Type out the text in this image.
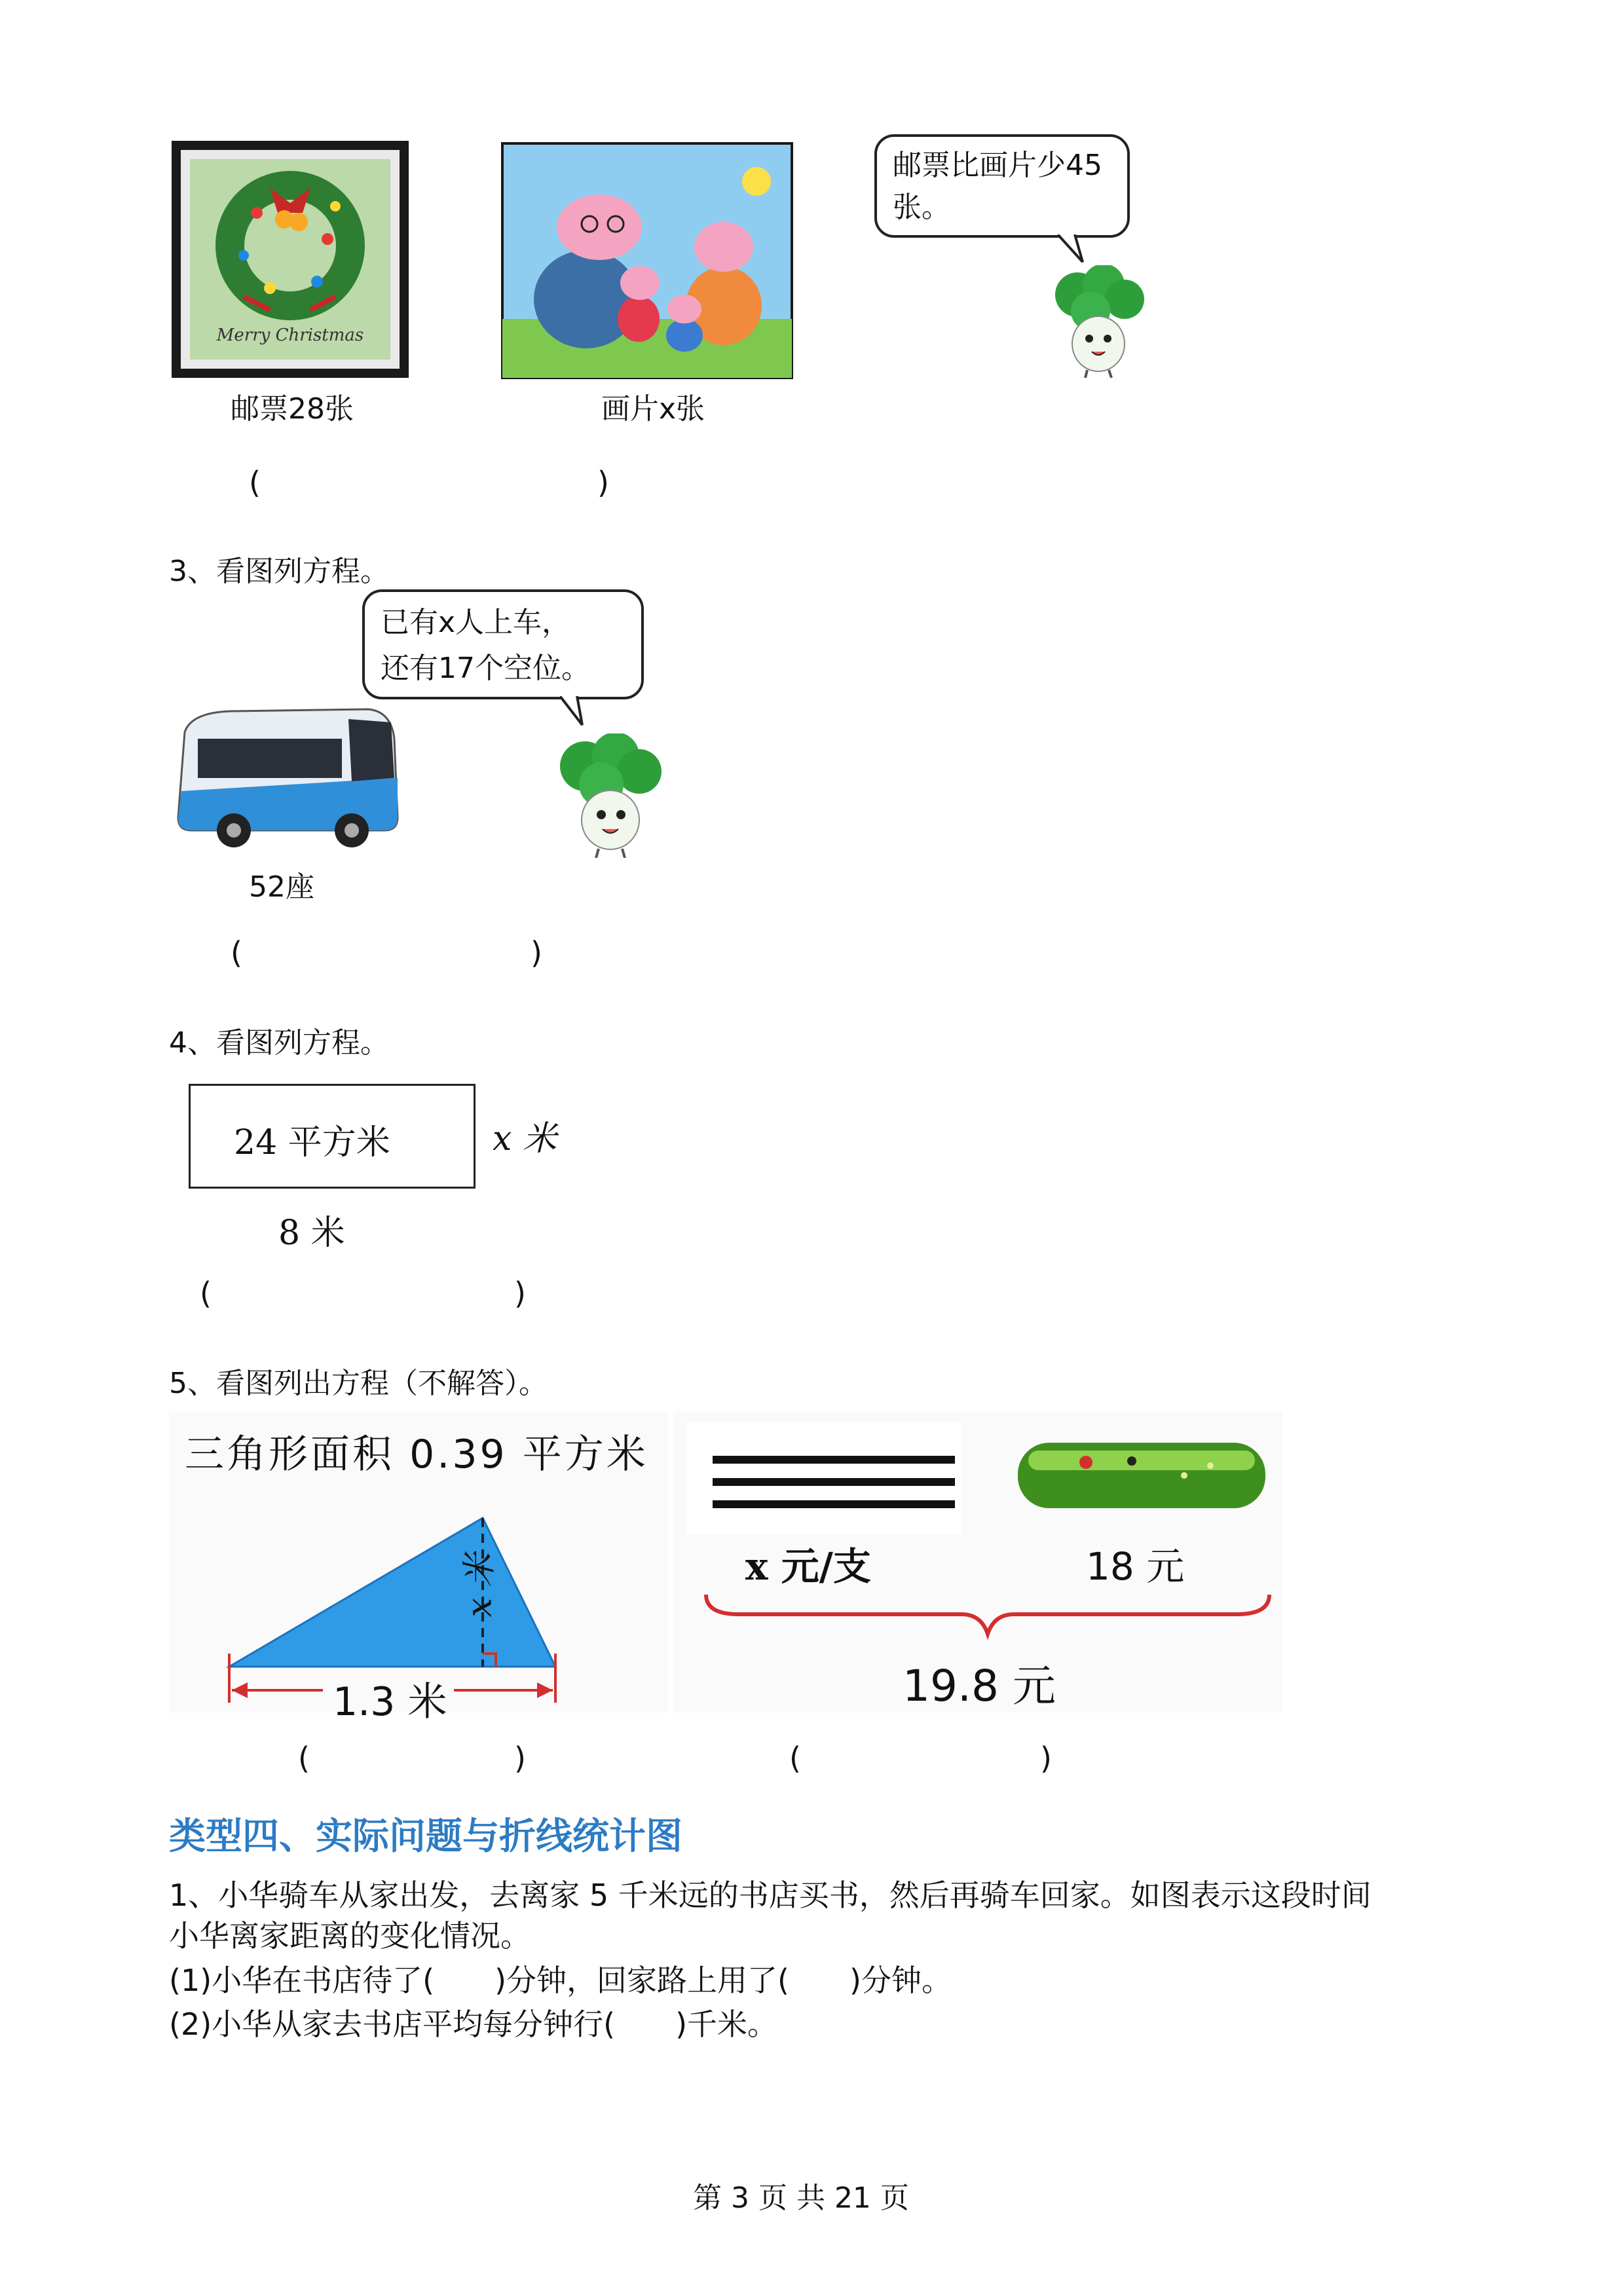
Merry Christmas
邮票28张	画片x张
邮票比画片少45
张。
(	)
3、看图列方程。
已有x人上车，
还有17个空位。
52座
(	)
4、看图列方程。
24 平方米	x 米
8 米
(	)
5、看图列出方程（不解答）。
三角形面积 0.39 平方米
x 米
1.3 米
x 元/支	18 元
19.8 元
(	)	(	)
类型四、实际问题与折线统计图
1、小华骑车从家出发，去离家 5 千米远的书店买书，然后再骑车回家。如图表示这段时间
小华离家距离的变化情况。
(1)小华在书店待了(　　)分钟，回家路上用了(　　)分钟。
(2)小华从家去书店平均每分钟行(　　)千米。
第 3 页 共 21 页
